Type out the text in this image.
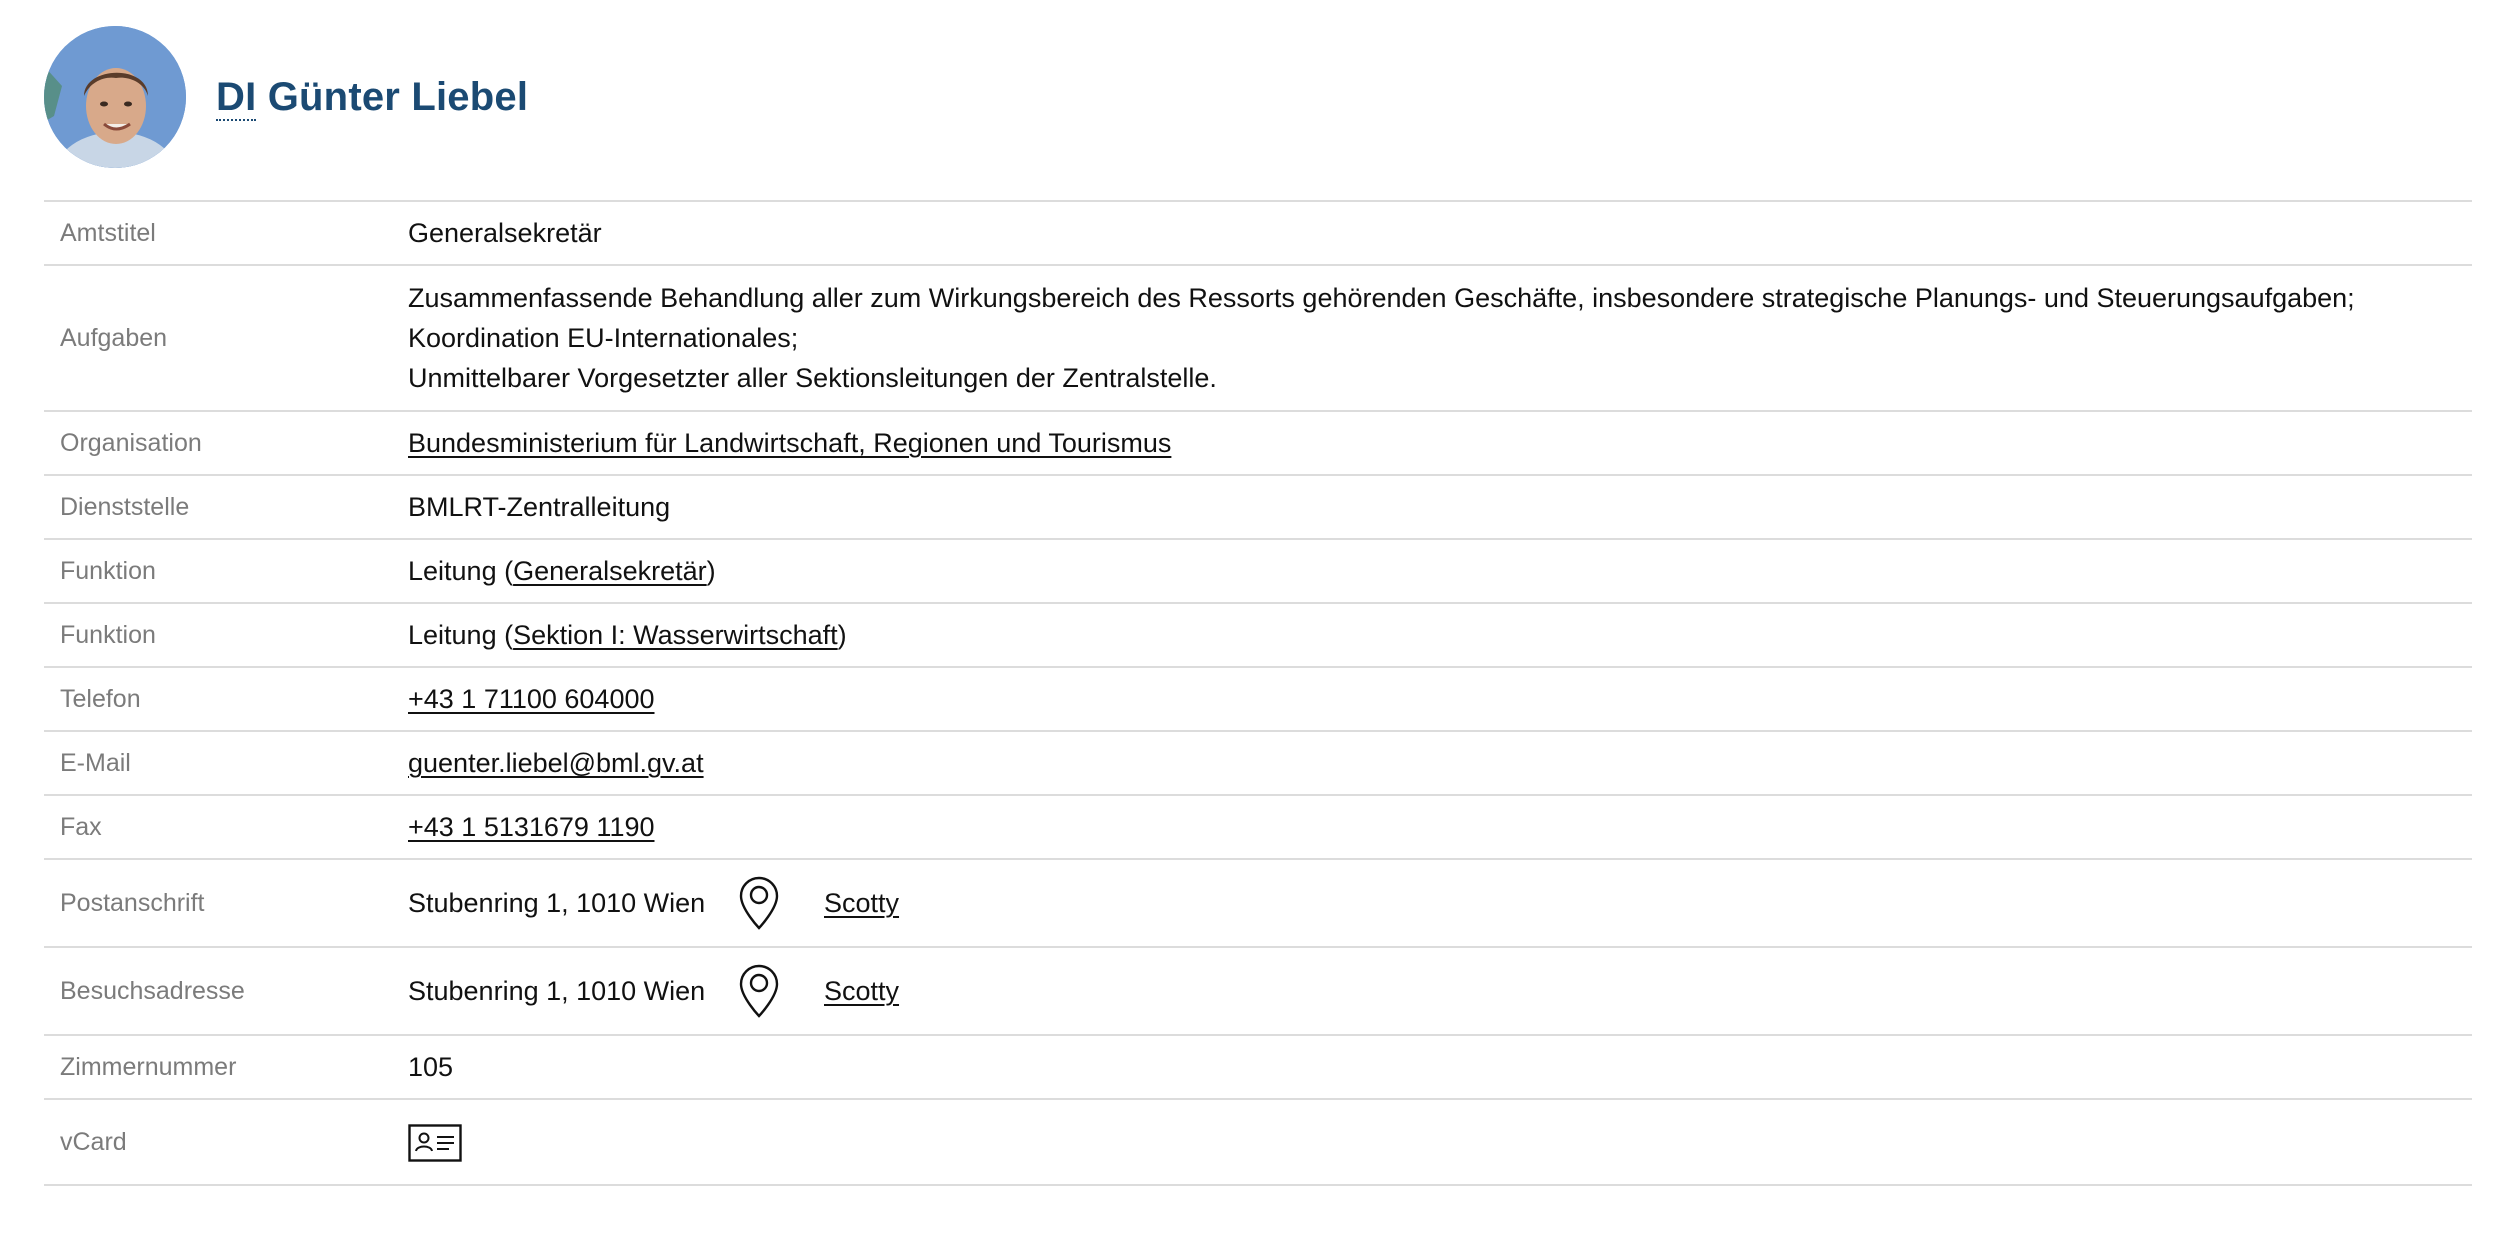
DI Günter Liebel
Amtstitel	Generalsekretär
Aufgaben	Zusammenfassende Behandlung aller zum Wirkungsbereich des Ressorts gehörenden Geschäfte, insbesondere strategische Planungs- und Steuerungsaufgaben;
Koordination EU-Internationales;
Unmittelbarer Vorgesetzter aller Sektionsleitungen der Zentralstelle.

Organisation	Bundesministerium für Landwirtschaft, Regionen und Tourismus
Dienststelle	BMLRT-Zentralleitung
Funktion	Leitung (Generalsekretär)
Funktion	Leitung (Sektion I: Wasserwirtschaft)
Telefon	+43 1 71100 604000
E-Mail	guenter.liebel@bml.gv.at
Fax	+43 1 5131679 1190
Postanschrift	Stubenring 1, 1010 Wien Scotty

Besuchsadresse	Stubenring 1, 1010 Wien Scotty

Zimmernummer	105
vCard	
